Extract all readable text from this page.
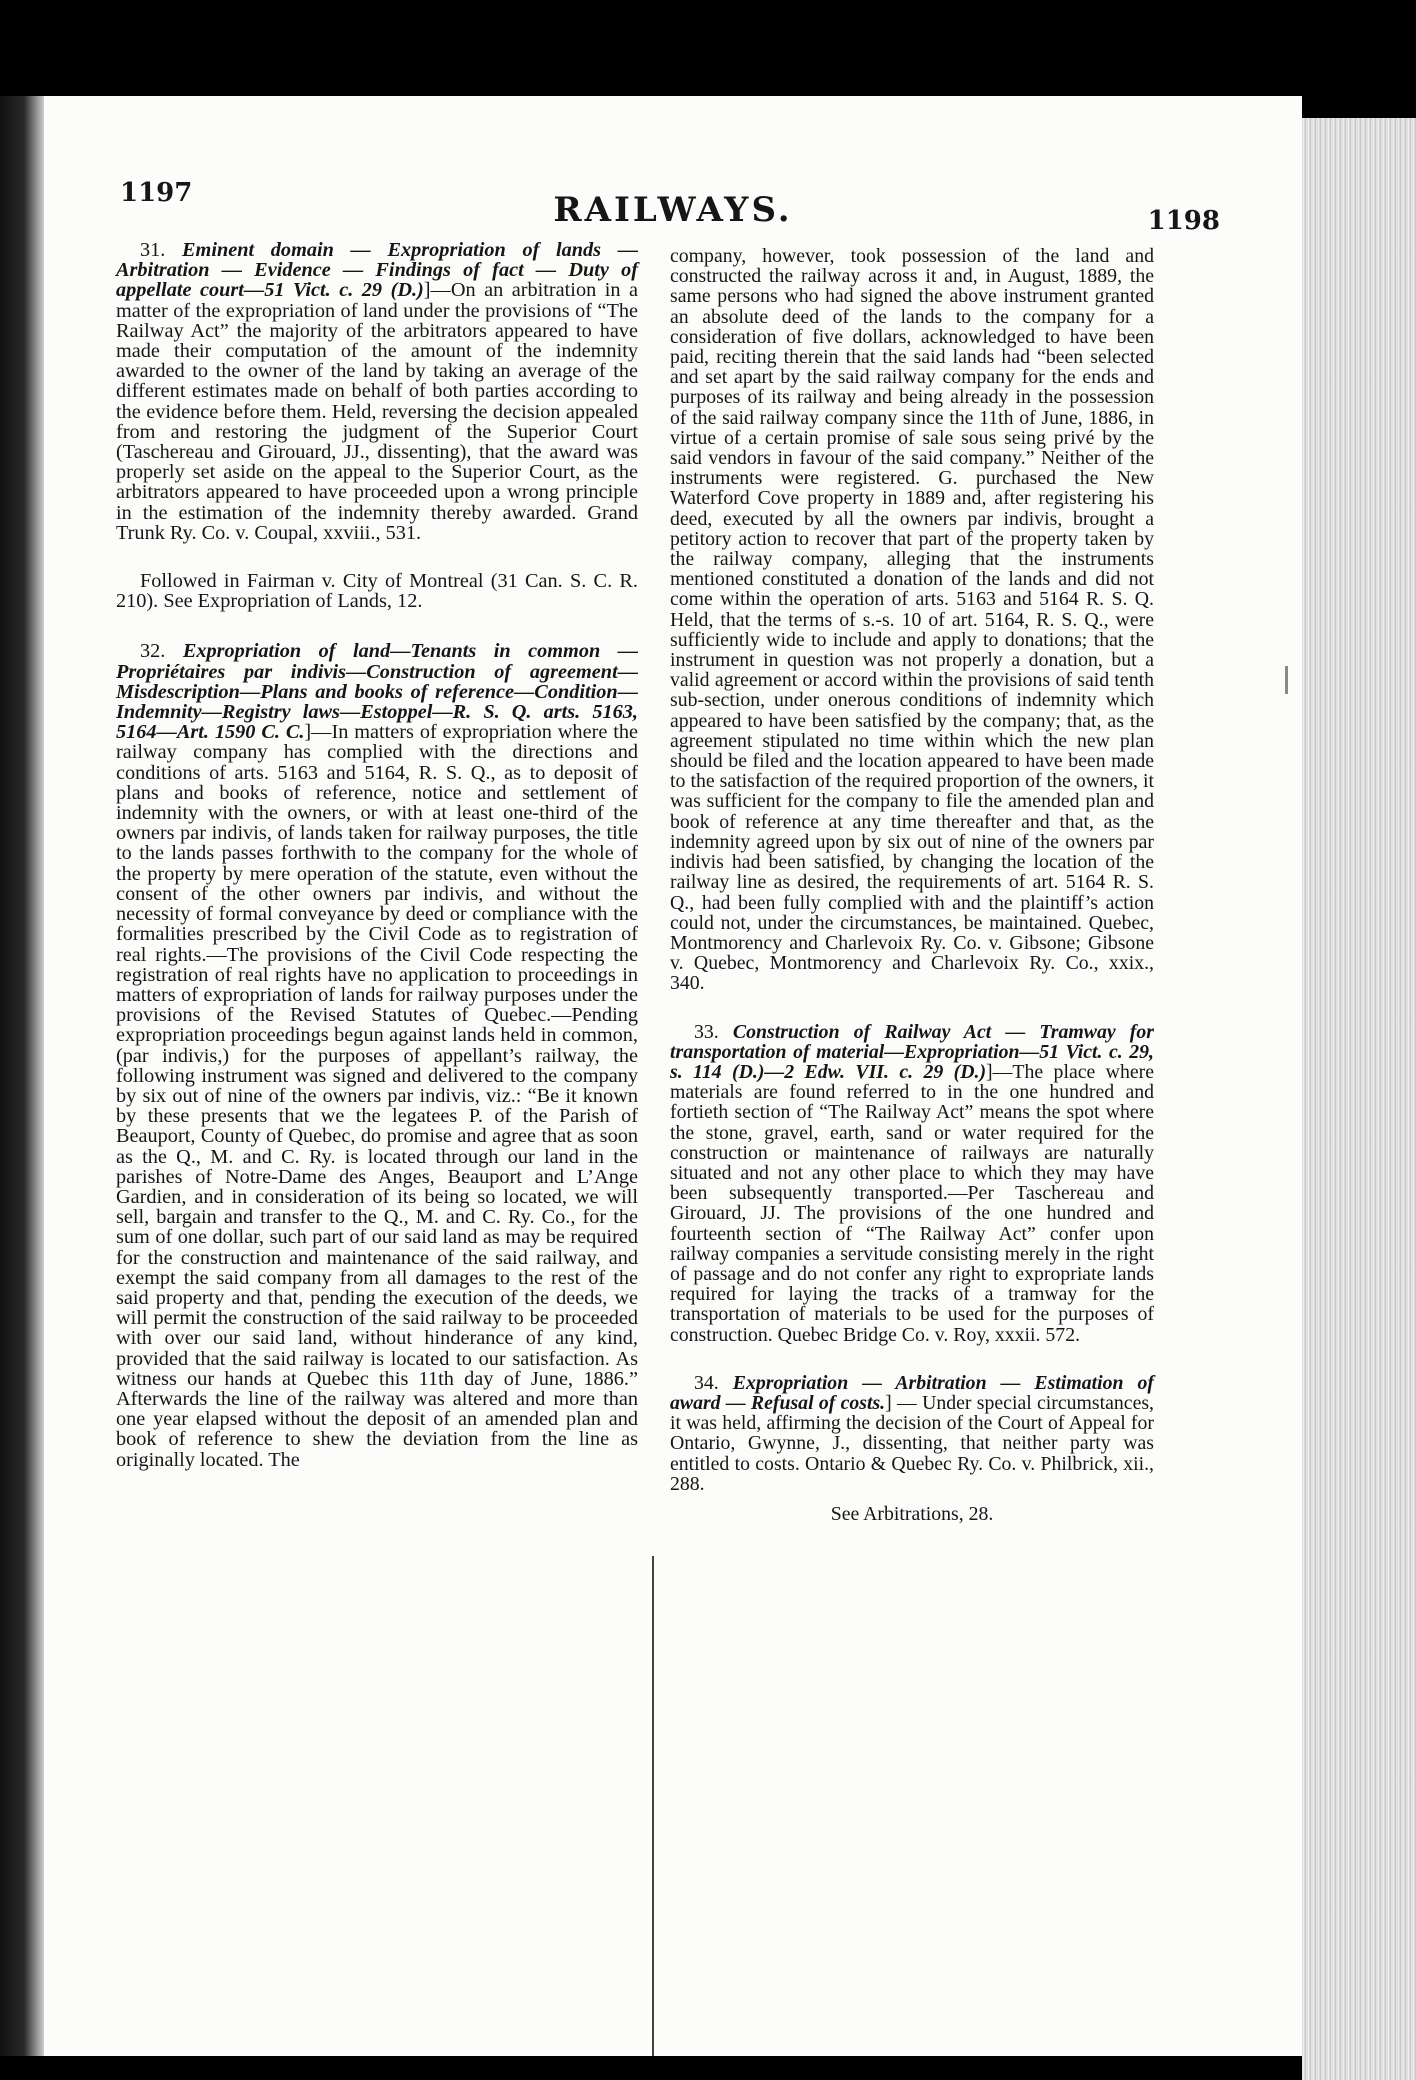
1197	RAILWAYS.	1198

31. Eminent domain — Expropriation of lands — Arbitration — Evidence — Findings of fact — Duty of appellate court—51 Vict. c. 29 (D.)]—On an arbitration in a matter of the expropriation of land under the provisions of “The Railway Act” the majority of the arbitrators appeared to have made their computation of the amount of the indemnity awarded to the owner of the land by taking an average of the different estimates made on behalf of both parties according to the evidence before them. Held, reversing the decision appealed from and restoring the judgment of the Superior Court (Taschereau and Girouard, JJ., dissenting), that the award was properly set aside on the appeal to the Superior Court, as the arbitrators appeared to have proceeded upon a wrong principle in the estimation of the indemnity thereby awarded. Grand Trunk Ry. Co. v. Coupal, xxviii., 531.

Followed in Fairman v. City of Montreal (31 Can. S. C. R. 210). See Expropriation of Lands, 12.

32. Expropriation of land—Tenants in common — Propriétaires par indivis—Construction of agreement—Misdescription—Plans and books of reference—Condition—Indemnity—Registry laws—Estoppel—R. S. Q. arts. 5163, 5164—Art. 1590 C. C.]—In matters of expropriation where the railway company has complied with the directions and conditions of arts. 5163 and 5164, R. S. Q., as to deposit of plans and books of reference, notice and settlement of indemnity with the owners, or with at least one-third of the owners par indivis, of lands taken for railway purposes, the title to the lands passes forthwith to the company for the whole of the property by mere operation of the statute, even without the consent of the other owners par indivis, and without the necessity of formal conveyance by deed or compliance with the formalities prescribed by the Civil Code as to registration of real rights.—The provisions of the Civil Code respecting the registration of real rights have no application to proceedings in matters of expropriation of lands for railway purposes under the provisions of the Revised Statutes of Quebec.—Pending expropriation proceedings begun against lands held in common, (par indivis,) for the purposes of appellant’s railway, the following instrument was signed and delivered to the company by six out of nine of the owners par indivis, viz.: “Be it known by these presents that we the legatees P. of the Parish of Beauport, County of Quebec, do promise and agree that as soon as the Q., M. and C. Ry. is located through our land in the parishes of Notre-Dame des Anges, Beauport and L’Ange Gardien, and in consideration of its being so located, we will sell, bargain and transfer to the Q., M. and C. Ry. Co., for the sum of one dollar, such part of our said land as may be required for the construction and maintenance of the said railway, and exempt the said company from all damages to the rest of the said property and that, pending the execution of the deeds, we will permit the construction of the said railway to be proceeded with over our said land, without hinderance of any kind, provided that the said railway is located to our satisfaction. As witness our hands at Quebec this 11th day of June, 1886.” Afterwards the line of the railway was altered and more than one year elapsed without the deposit of an amended plan and book of reference to shew the deviation from the line as originally located. The

company, however, took possession of the land and constructed the railway across it and, in August, 1889, the same persons who had signed the above instrument granted an absolute deed of the lands to the company for a consideration of five dollars, acknowledged to have been paid, reciting therein that the said lands had “been selected and set apart by the said railway company for the ends and purposes of its railway and being already in the possession of the said railway company since the 11th of June, 1886, in virtue of a certain promise of sale sous seing privé by the said vendors in favour of the said company.” Neither of the instruments were registered. G. purchased the New Waterford Cove property in 1889 and, after registering his deed, executed by all the owners par indivis, brought a petitory action to recover that part of the property taken by the railway company, alleging that the instruments mentioned constituted a donation of the lands and did not come within the operation of arts. 5163 and 5164 R. S. Q. Held, that the terms of s.-s. 10 of art. 5164, R. S. Q., were sufficiently wide to include and apply to donations; that the instrument in question was not properly a donation, but a valid agreement or accord within the provisions of said tenth sub-section, under onerous conditions of indemnity which appeared to have been satisfied by the company; that, as the agreement stipulated no time within which the new plan should be filed and the location appeared to have been made to the satisfaction of the required proportion of the owners, it was sufficient for the company to file the amended plan and book of reference at any time thereafter and that, as the indemnity agreed upon by six out of nine of the owners par indivis had been satisfied, by changing the location of the railway line as desired, the requirements of art. 5164 R. S. Q., had been fully complied with and the plaintiff’s action could not, under the circumstances, be maintained. Quebec, Montmorency and Charlevoix Ry. Co. v. Gibsone; Gibsone v. Quebec, Montmorency and Charlevoix Ry. Co., xxix., 340.

33. Construction of Railway Act — Tramway for transportation of material—Expropriation—51 Vict. c. 29, s. 114 (D.)—2 Edw. VII. c. 29 (D.)]—The place where materials are found referred to in the one hundred and fortieth section of “The Railway Act” means the spot where the stone, gravel, earth, sand or water required for the construction or maintenance of railways are naturally situated and not any other place to which they may have been subsequently transported.—Per Taschereau and Girouard, JJ. The provisions of the one hundred and fourteenth section of “The Railway Act” confer upon railway companies a servitude consisting merely in the right of passage and do not confer any right to expropriate lands required for laying the tracks of a tramway for the transportation of materials to be used for the purposes of construction. Quebec Bridge Co. v. Roy, xxxii. 572.

34. Expropriation — Arbitration — Estimation of award — Refusal of costs.] — Under special circumstances, it was held, affirming the decision of the Court of Appeal for Ontario, Gwynne, J., dissenting, that neither party was entitled to costs. Ontario & Quebec Ry. Co. v. Philbrick, xii., 288.

See Arbitrations, 28.
